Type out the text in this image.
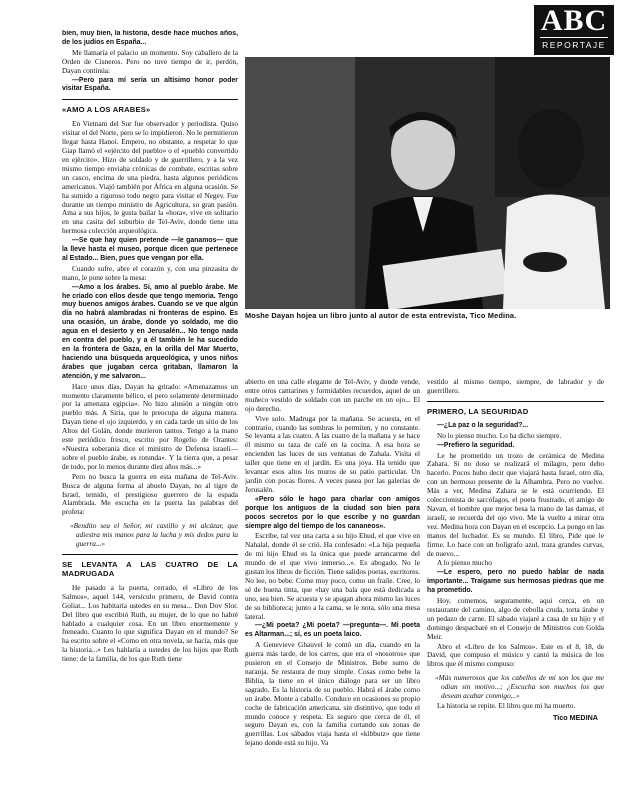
ABC
REPORTAJE
Moshe Dayan hojea un libro junto al autor de esta entrevista, Tico Medina.

bien, muy bien, la historia, desde hace muchos años, de los judíos en España...

Me llamaría el palacio un momento. Soy caballero de la Orden de Cisneros. Pero no tuve tiempo de ir, perdón, Dayan continúa:

—Pero para mí sería un altísimo honor poder visitar España.

«AMO A LOS ARABES»

En Vietnam del Sur fue observador y periodista. Quiso visitar el del Norte, pero se lo impidieron. No le permitieron llegar hasta Hanoi. Empero, no obstante, a respetar lo que Giap llamó el «ejército del pueblo» o el «pueblo convertido en ejército». Hizo de soldado y de guerrillero, y a la vez mismo tiempo enviaba crónicas de combate, escritas sobre un casco, encima de una piedra, hasta algunos periódicos americanos. Viajó también por África en alguna ocasión. Se ha sumido a riguroso todo negro para visitar el Negev. Fue durante un tiempo ministro de Agricultura, su gran pasión. Ama a sus hijos, le gusta bailar la «hora», vive en solitario en una casita del suburbio de Tel-Aviv, donde tiene una hermosa colección arqueológica.

—Se que hay quien pretende —le ganamos— que la lleve hasta el museo, porque dicen que pertenece al Estado... Bien, pues que vengan por ella.

Cuando sufre, abre el corazón y, con una pinzasita de mano, le pone sobre la mesa:

—Amo a los árabes. Sí, amo al pueblo árabe. Me he criado con ellos desde que tengo memoria. Tengo muy buenos amigos árabes. Cuando se ve que algún día no habrá alambradas ni fronteras de espino. Es una ocasión, un árabe, donde yo soldado, me dio agua en el desierto y en Jerusalén... No tengo nada en contra del pueblo, y a él también le ha sucedido en la frontera de Gaza, en la orilla del Mar Muerto, haciendo una búsqueda arqueológica, y unos niños árabes que jugaban cerca gritaban, llamaron la atención, y me salvaron...

Hace unos días, Dayan ha gritado: «Amenazamos un momento claramente bélico, el pero solamente determinado por la amenaza egipcia». No hizo alusión a ningún otro pueblo más. A Siria, que le preocupa de alguna manera. Dayan tiene el ojo izquierdo, y en cada tarde un sitio de los Altos del Golán, donde murieron tantos. Tengo a la mano este periódico fresco, escrito por Rogelio de Orantes: «Nuestra soberanía dice el ministro de Defensa israelí— sobre el pueblo árabe, es rotunda». Y la tierra que, a pesar de todo, por lo menos durante diez años más...»

Pero no busca la guerra en esta mañana de Tel-Aviv. Busca de alguna forma al abuelo Dayan, no al tigre de Israel, temido, el prestigioso guerrero de la espada Alambrada. Me escucha en la puerta las palabras del profeta:

«Bendito sea el Señor, mi castillo y mi alcázar, que adiestra mis manos para la lucha y mis dedos para la guerra...»

SE LEVANTA A LAS CUATRO DE LA MADRUGADA

He pasado a la puerta, cerrado, el «Libro de los Salmos», aquel 144, versículo primero, de David contra Goliat... Los habitaría ustedes en su mesa... Don Dov Slor. Del libro que escribió Ruth, su mujer, de lo que no habré hablado a cualquier cosa. En un libro enormemente y freneado. Cuanto lo que significa Dayan en el mundo? Se ha escrito sobre el «Como en otra novela, se hacía, más que la historia...» Les hablaría a ustedes de los hijos que Ruth tiene: de la familia, de los que Ruth tiene

abierto en una calle elegante de Tel-Aviv, y donde vende, entre otros cantarines y formidables recuerdos, aquel de un muñeco vestido de soldado con un parche en un ojo... El ojo derecho.

Vive solo. Madruga por la mañana. Se acuesta, en el contrario, cuando las sombras lo permiten, y no constante. Se levanta a las cuatro. A las cuatro de la mañana y se hace él mismo su taza de café en la cocina. A esa hora se encienden las luces de sus ventanas de Zahala. Visita el taller que tiene en el jardín. Es una joya. Ha tenido que levantar esos altos los muros de su patio particular. Un jardín con pocas flores. A veces pasea por las galerías de Jerusalén.

«Pero sólo le hago para charlar con amigos porque los antiguos de la ciudad son bien para pocos secretos por lo que escribe y no guardan siempre algo del tiempo de los cananeos».

Escribe, tal vez una carta a su hijo Ehud, el que vive en Nahalal, donde él se crió. Ha confesado: «La hija pequeña de mi hijo Ehud es la única que puede arrancarme del mundo de el que vivo inmerso...». Es abogado. No le gustan los libros de ficción. Tiene salidos poetas, escritores. No lee, no bebe. Come muy poco, como un fraile. Cree, lo sé de buena tinta, que «hay una bala que está dedicada a uno, sea bien. Se acuesta y se apagan ahora mismo las luces de su biblioteca; junto a la cama, se le nota, sólo una mesa lateral.

—¿Mi poeta? ¿Mi poeta? —pregunta—. Mi poeta es Altarman...; sí, es un poeta laico.

A Genevieve Ghauvel le contó un día, cuando en la guerra más tarde, de los carros, que era el «nosotros» que pusieron en el Consejo de Ministros. Bebe sumo de naranja. Se restaura de muy simple. Cosas como bebe la Biblia, la tiene en el único diálogo para ser un libro sagrado. Es la historia de su pueblo. Habrá el árabe como un árabe. Monte a caballo. Conduce en ocasiones su propio coche de fabricación americana, sin distintivo, que todo el mundo conoce y respeta. Es seguro que cerca de él, el seguro Dayan es, con la familia cortando sus zonas de guerrillas. Los sábados viaja hasta el «kibbutz» que tiene lejano donde está su hijo. Va

vestido al mismo tiempo, siempre, de labrador y de guerrillero.

PRIMERO, LA SEGURIDAD

—¿La paz o la seguridad?...

No lo pienso mucho. Lo ha dicho siempre.

—Prefiero la seguridad.

Le he prometido un trozo de cerámica de Medina Zahara. Si no doso se realizará el milagro, pero debo hacerlo. Pocos hubo decir que viajará hasta Israel, otro día, con un hermoso presente de la Alhambra. Pero no vuelve. Más a ver, Medina Zahara se le está ocurriendo. El coleccionista de sarcófagos, el poeta frustrado, el amigo de Navan, el hombre que mejor besa la mano de las damas, el israelí, se recuerda del ojo vivo. Me la vuelto a mirar otra vez. Medina hora con Dayan en el escepcio. La pongo en las manos del luchador. Es su mundo. El libro, Pide que le firme. Lo hace con un bolígrafo azul, traza grandes curvas, de nuevo...

A lo pienso mucho

—Le espero, pero no puedo hablar de nada importante... Traigame sus hermosas piedras que me ha prometido.

Hoy, comemos, seguramente, aquí cerca, en un restaurante del camino, algo de cebolla cruda, torta árabe y un pedazo de carne. El sábado viajaré a casa de su hijo y el domingo despacharé en el Consejo de Ministros con Golda Meir.

Abro el «Libro de los Salmos». Este es el 8, 18, de David, que compuso el músico y cantó la música de los libros que él mismo compuso:

«Más numerosos que los cabellos de mi son los que me odian sin motivo...; ¿Escucha son muchos los que desean acabar conmigo...»

La historia se repite. El libro que mi ha muerto.

Tico MEDINA
